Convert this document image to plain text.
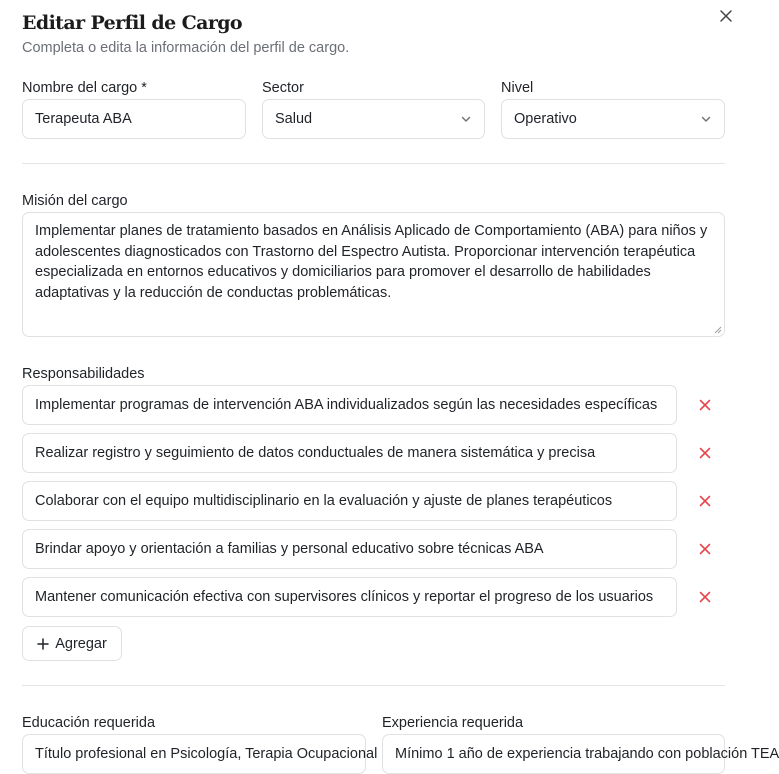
Editar Perfil de Cargo
Completa o edita la información del perfil de cargo.
Nombre del cargo *
Terapeuta ABA
Sector
Salud
Nivel
Operativo
Misión del cargo
Implementar planes de tratamiento basados en Análisis Aplicado de Comportamiento (ABA) para niños y adolescentes diagnosticados con Trastorno del Espectro Autista. Proporcionar intervención terapéutica especializada en entornos educativos y domiciliarios para promover el desarrollo de habilidades adaptativas y la reducción de conductas problemáticas.
Responsabilidades
Implementar programas de intervención ABA individualizados según las necesidades específicas
Realizar registro y seguimiento de datos conductuales de manera sistemática y precisa
Colaborar con el equipo multidisciplinario en la evaluación y ajuste de planes terapéuticos
Brindar apoyo y orientación a familias y personal educativo sobre técnicas ABA
Mantener comunicación efectiva con supervisores clínicos y reportar el progreso de los usuarios
Agregar
Educación requerida
Título profesional en Psicología, Terapia Ocupacional
Experiencia requerida
Mínimo 1 año de experiencia trabajando con población TEA
